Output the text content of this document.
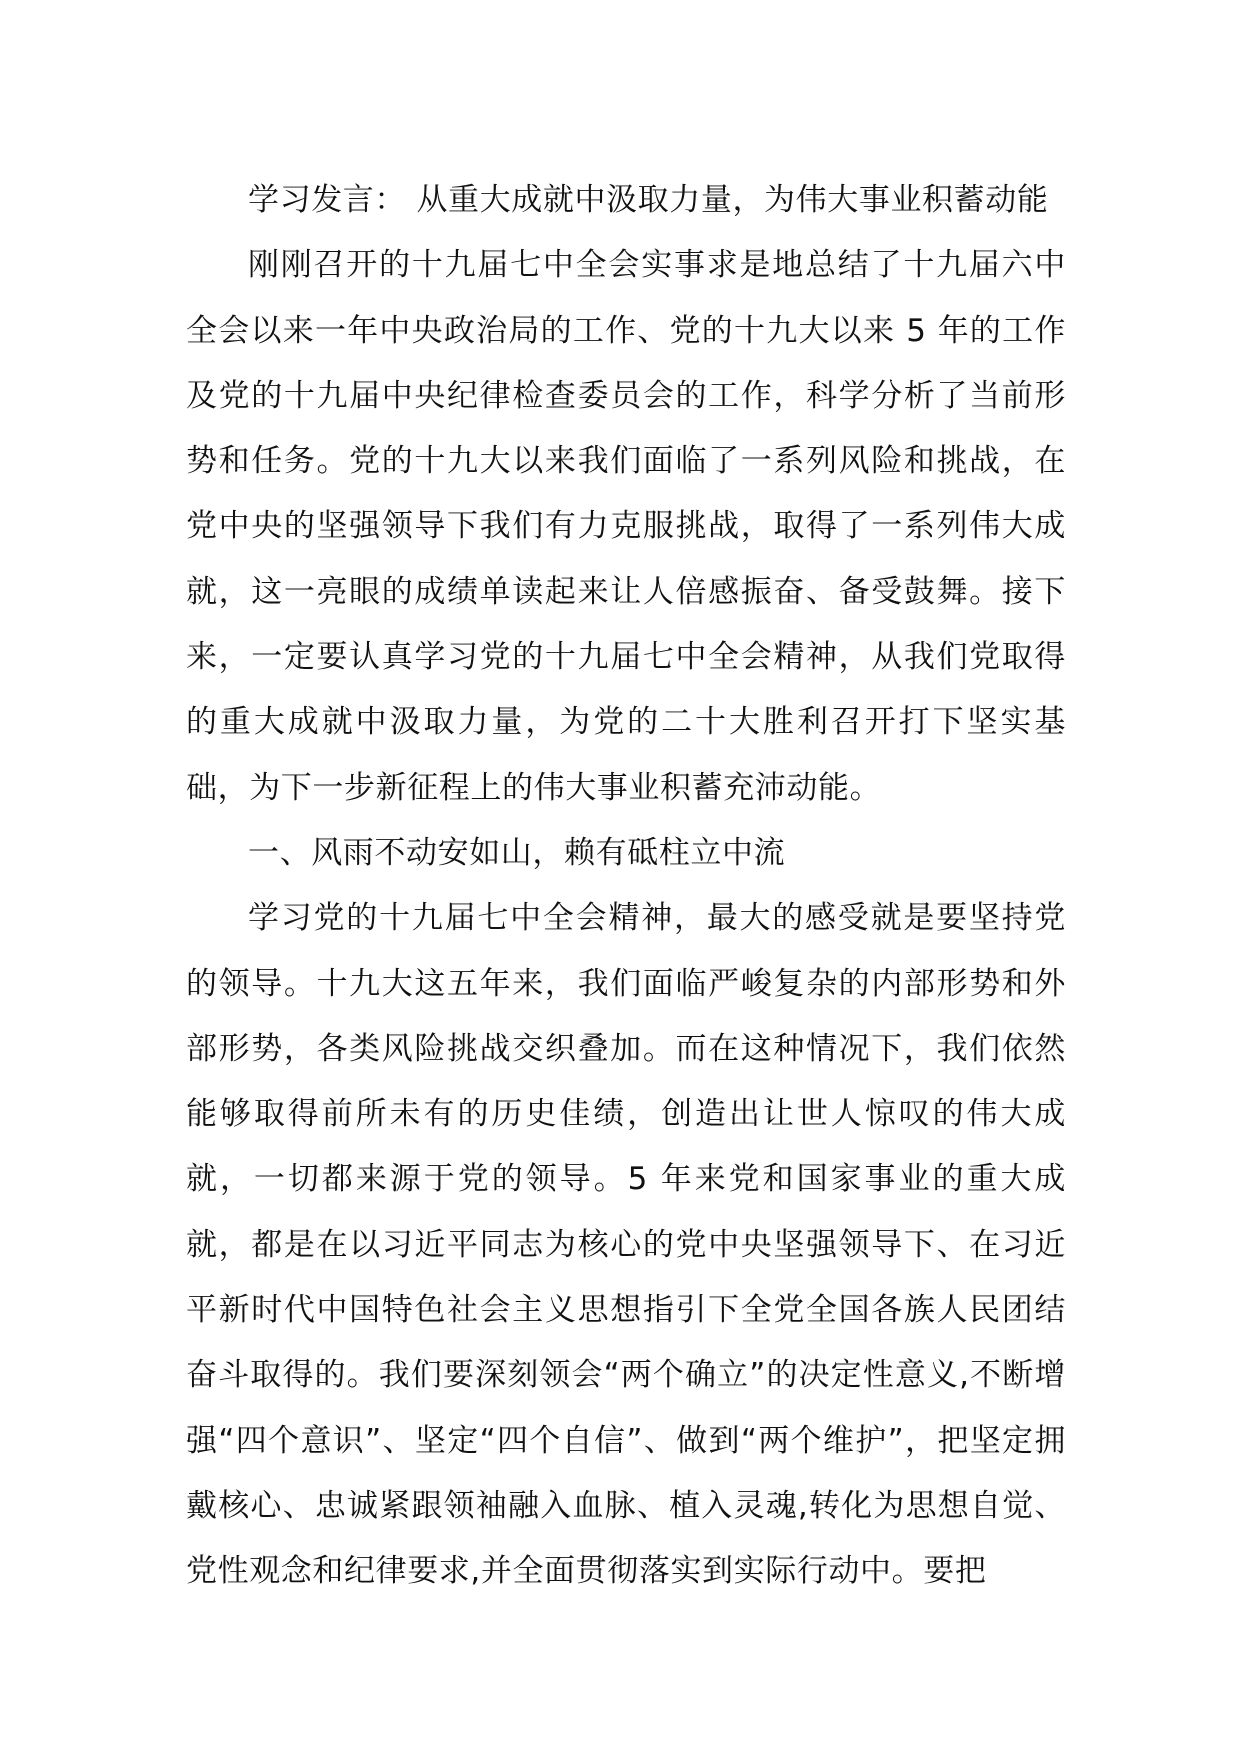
学习发言： 从重大成就中汲取力量，为伟大事业积蓄动能

刚刚召开的十九届七中全会实事求是地总结了十九届六中全会以来一年中央政治局的工作、党的十九大以来 5 年的工作及党的十九届中央纪律检查委员会的工作，科学分析了当前形势和任务。党的十九大以来我们面临了一系列风险和挑战，在党中央的坚强领导下我们有力克服挑战，取得了一系列伟大成就，这一亮眼的成绩单读起来让人倍感振奋、备受鼓舞。接下来，一定要认真学习党的十九届七中全会精神，从我们党取得的重大成就中汲取力量，为党的二十大胜利召开打下坚实基础，为下一步新征程上的伟大事业积蓄充沛动能。

一、风雨不动安如山，赖有砥柱立中流

学习党的十九届七中全会精神，最大的感受就是要坚持党的领导。十九大这五年来，我们面临严峻复杂的内部形势和外部形势，各类风险挑战交织叠加。而在这种情况下，我们依然能够取得前所未有的历史佳绩，创造出让世人惊叹的伟大成就，一切都来源于党的领导。5 年来党和国家事业的重大成就，都是在以习近平同志为核心的党中央坚强领导下、在习近平新时代中国特色社会主义思想指引下全党全国各族人民团结奋斗取得的。我们要深刻领会“两个确立”的决定性意义,不断增强“四个意识”、坚定“四个自信”、做到“两个维护”，把坚定拥戴核心、忠诚紧跟领袖融入血脉、植入灵魂,转化为思想自觉、党性观念和纪律要求,并全面贯彻落实到实际行动中。要把
